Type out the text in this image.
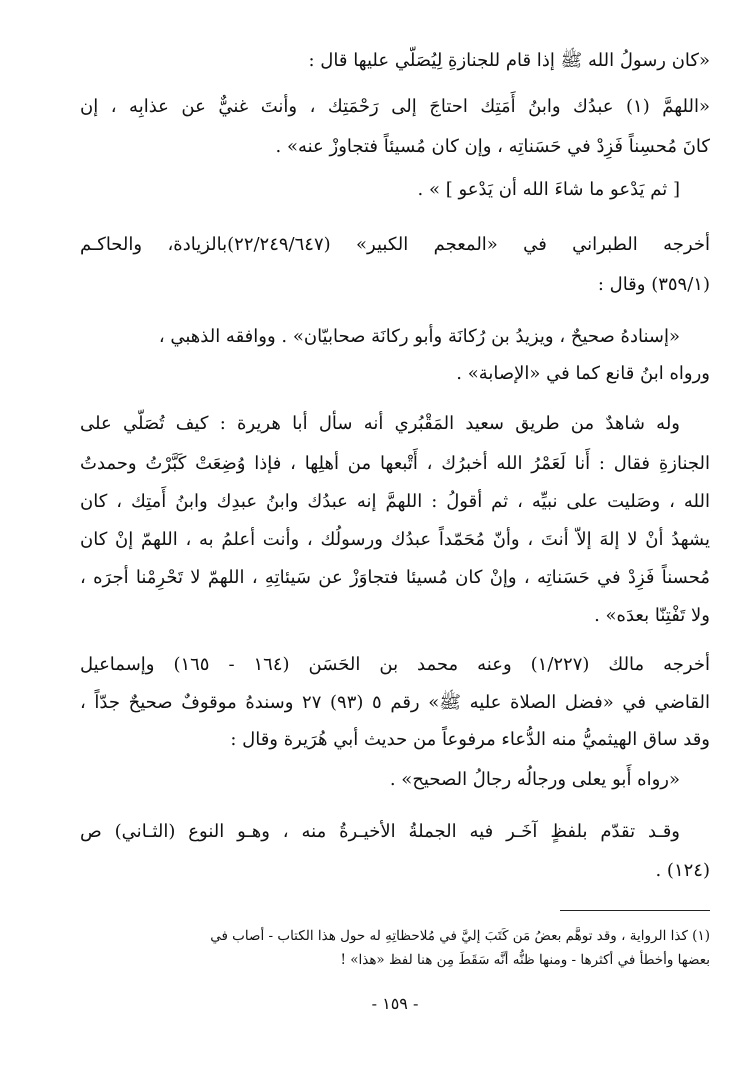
«كان رسولُ الله ﷺ إذا قام للجنازةِ لِيُصَلّي عليها قال :
«اللهمَّ (١) عبدُك وابنُ أَمَتِك احتاجَ إلى رَحْمَتِك ، وأنتَ غنيٌّ عن عذابِه ، إن
كانَ مُحسِناً فَزِدْ في حَسَناتِه ، وإن كان مُسيئاً فتجاوزْ عنه» .
[ ثم يَدْعو ما شاءَ الله أن يَدْعو ] » .
أخرجه الطبراني في «المعجم الكبير» (٢٢/٢٤٩/٦٤٧)بالزيادة، والحاكـم
(٣٥٩/١) وقال :
«إسنادهُ صحيحٌ ، ويزيدُ بن رُكانَة وأبو ركانَة صحابيّان» . ووافقه الذهبي ،
ورواه ابنُ قانع كما في «الإصابة» .
وله شاهدٌ من طريق سعيد المَقْبُري أنه سأل أبا هريرة : كيف تُصَلّي على
الجنازةِ فقال : أَنا لَعَمْرُ الله أخبرُك ، أَتْبعها من أهلِها ، فإذا وُضِعَتْ كَبَّرْتُ وحمدتُ
الله ، وصَليت على نبيِّه ، ثم أقولُ : اللهمَّ إنه عبدُك وابنُ عبدِك وابنُ أَمتِك ، كان
يشهدُ أنْ لا إلهَ إلاّ أنتَ ، وأنّ مُحَمّداً عبدُك ورسولُك ، وأنت أعلمُ به ، اللهمّ إنْ كان
مُحسناً فَزِدْ في حَسَناتِه ، وإنْ كان مُسيئا فتجاوَزْ عن سَيئاتِهِ ، اللهمّ لا تَحْرِمْنا أجرَه ،
ولا تَفْتِنّا بعدَه» .
أخرجه مالك (١/٢٢٧) وعنه محمد بن الحَسَن (١٦٤ - ١٦٥) وإسماعيل
القاضي في «فضل الصلاة عليه ﷺ» رقم ٥ (٩٣) ٢٧ وسندهُ موقوفٌ صحيحٌ جدّاً ،
وقد ساق الهيثميُّ منه الدُّعاء مرفوعاً من حديث أبي هُرَيرة وقال :
«رواه أَبو يعلى ورجالُه رجالُ الصحيح» .
وقـد تقدّم بلفظٍ آخَـر فيه الجملةُ الأخيـرةُ منه ، وهـو النوع (الثـاني) ص
(١٢٤) .
(١) كذا الرواية ، وقد توهَّم بعضُ مَن كَتَبَ إليَّ في مُلاحظاتِهِ له حول هذا الكتاب - أصاب في
بعضها وأخطأ في أكثرها - ومنها ظنُّه أنَّه سَقَطَ مِن هنا لفظ «هذا» !
- ١٥٩ -
